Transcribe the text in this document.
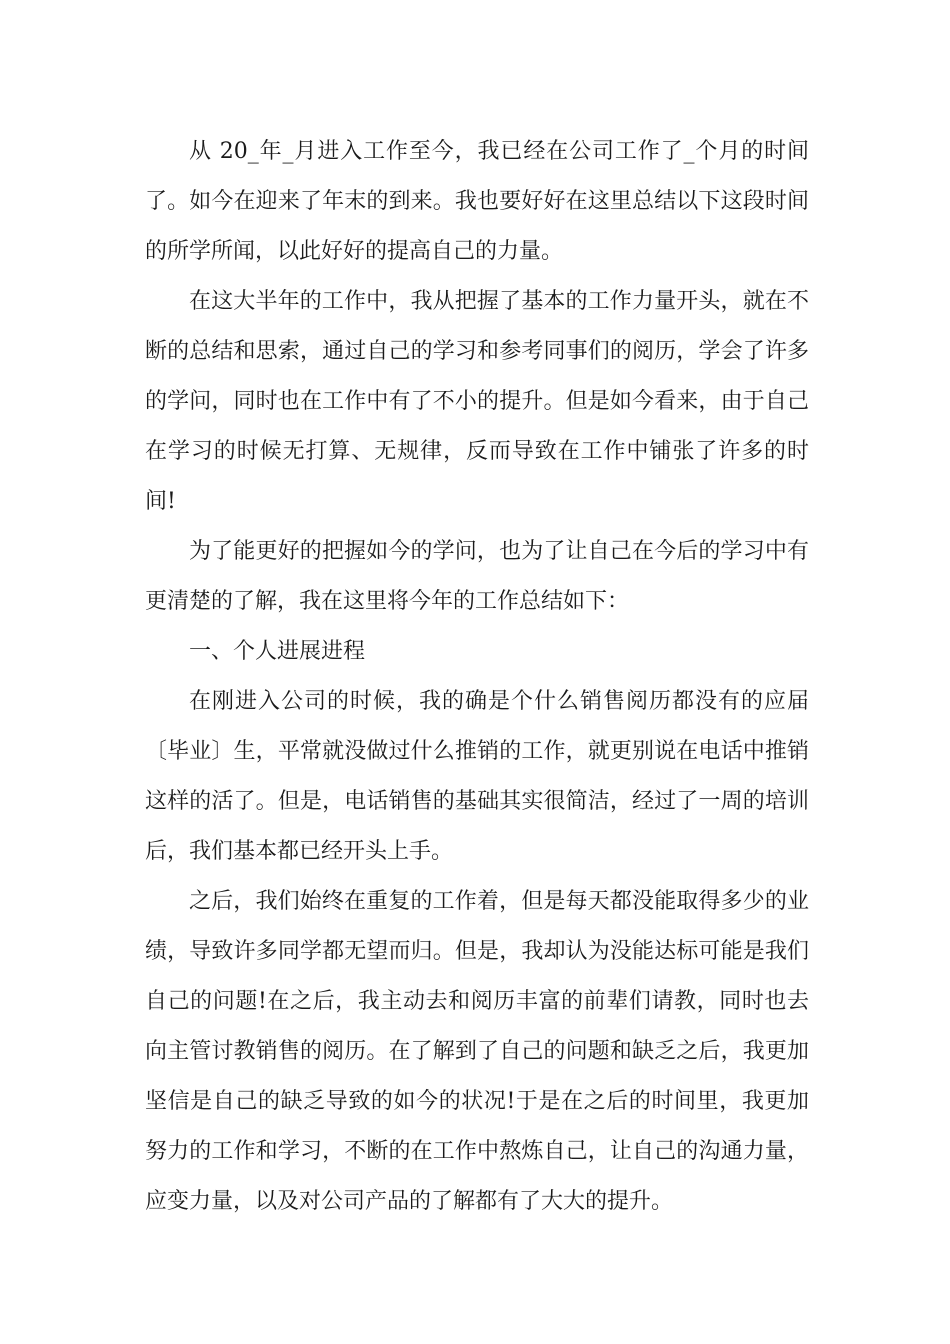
从 20_年_月进入工作至今，我已经在公司工作了_个月的时间了。如今在迎来了年末的到来。我也要好好在这里总结以下这段时间的所学所闻，以此好好的提高自己的力量。

在这大半年的工作中，我从把握了基本的工作力量开头，就在不断的总结和思索，通过自己的学习和参考同事们的阅历，学会了许多的学问，同时也在工作中有了不小的提升。但是如今看来，由于自己在学习的时候无打算、无规律，反而导致在工作中铺张了许多的时间!

为了能更好的把握如今的学问，也为了让自己在今后的学习中有更清楚的了解，我在这里将今年的工作总结如下：

一、个人进展进程

在刚进入公司的时候，我的确是个什么销售阅历都没有的应届〔毕业〕生，平常就没做过什么推销的工作，就更别说在电话中推销这样的活了。但是，电话销售的基础其实很简洁，经过了一周的培训后，我们基本都已经开头上手。

之后，我们始终在重复的工作着，但是每天都没能取得多少的业绩，导致许多同学都无望而归。但是，我却认为没能达标可能是我们自己的问题!在之后，我主动去和阅历丰富的前辈们请教，同时也去向主管讨教销售的阅历。在了解到了自己的问题和缺乏之后，我更加坚信是自己的缺乏导致的如今的状况!于是在之后的时间里，我更加努力的工作和学习，不断的在工作中熬炼自己，让自己的沟通力量，应变力量，以及对公司产品的了解都有了大大的提升。
